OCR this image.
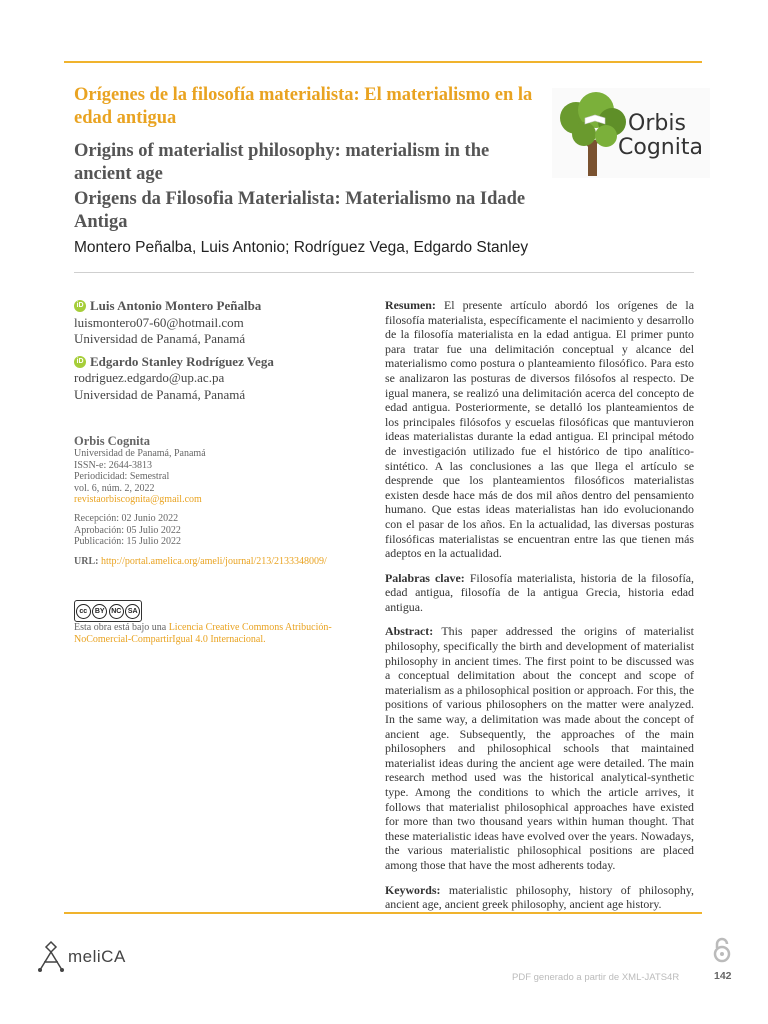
Orígenes de la filosofía materialista: El materialismo en la edad antigua
Origins of materialist philosophy: materialism in the ancient age
Origens da Filosofia Materialista: Materialismo na Idade Antiga
Montero Peñalba, Luis Antonio; Rodríguez Vega, Edgardo Stanley
Orbis
Cognita
iD Luis Antonio Montero Peñalba
luismontero07-60@hotmail.com
Universidad de Panamá, Panamá
iD Edgardo Stanley Rodríguez Vega
rodriguez.edgardo@up.ac.pa
Universidad de Panamá, Panamá
Orbis Cognita
Universidad de Panamá, Panamá
ISSN-e: 2644-3813
Periodicidad: Semestral
vol. 6, núm. 2, 2022
revistaorbiscognita@gmail.com
Recepción: 02 Junio 2022
Aprobación: 05 Julio 2022
Publicación: 15 Julio 2022
URL: http://portal.amelica.org/ameli/journal/213/2133348009/
cc	BY NC SA
Esta obra está bajo una Licencia Creative Commons Atribución-NoComercial-CompartirIgual 4.0 Internacional.

Resumen: El presente artículo abordó los orígenes de la filosofía materialista, específicamente el nacimiento y desarrollo de la filosofía materialista en la edad antigua. El primer punto para tratar fue una delimitación conceptual y alcance del materialismo como postura o planteamiento filosófico. Para esto se analizaron las posturas de diversos filósofos al respecto. De igual manera, se realizó una delimitación acerca del concepto de edad antigua. Posteriormente, se detalló los planteamientos de los principales filósofos y escuelas filosóficas que mantuvieron ideas materialistas durante la edad antigua. El principal método de investigación utilizado fue el histórico de tipo analítico-sintético. A las conclusiones a las que llega el artículo se desprende que los planteamientos filosóficos materialistas existen desde hace más de dos mil años dentro del pensamiento humano. Que estas ideas materialistas han ido evolucionando con el pasar de los años. En la actualidad, las diversas posturas filosóficas materialistas se encuentran entre las que tienen más adeptos en la actualidad.

Palabras clave: Filosofía materialista, historia de la filosofía, edad antigua, filosofía de la antigua Grecia, historia edad antigua.

Abstract: This paper addressed the origins of materialist philosophy, specifically the birth and development of materialist philosophy in ancient times. The first point to be discussed was a conceptual delimitation about the concept and scope of materialism as a philosophical position or approach. For this, the positions of various philosophers on the matter were analyzed. In the same way, a delimitation was made about the concept of ancient age. Subsequently, the approaches of the main philosophers and philosophical schools that maintained materialist ideas during the ancient age were detailed. The main research method used was the historical analytical-synthetic type. Among the conditions to which the article arrives, it follows that materialist philosophical approaches have existed for more than two thousand years within human thought. That these materialistic ideas have evolved over the years. Nowadays, the various materialistic philosophical positions are placed among those that have the most adherents today.

Keywords: materialistic philosophy, history of philosophy, ancient age, ancient greek philosophy, ancient age history.

meliCA
PDF generado a partir de XML-JATS4R	142
